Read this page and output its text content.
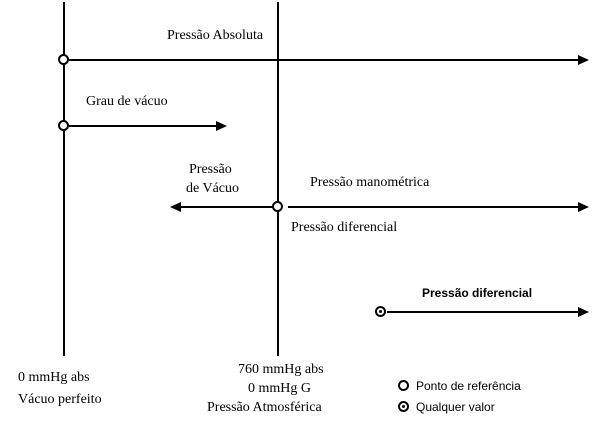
Pressão Absoluta
Grau de vácuo
Pressão
de Vácuo	Pressão manométrica
Pressão diferencial
Pressão diferencial
0 mmHg abs
Vácuo perfeito
760 mmHg abs
0 mmHg G
Pressão Atmosférica
Ponto de referência
Qualquer valor
